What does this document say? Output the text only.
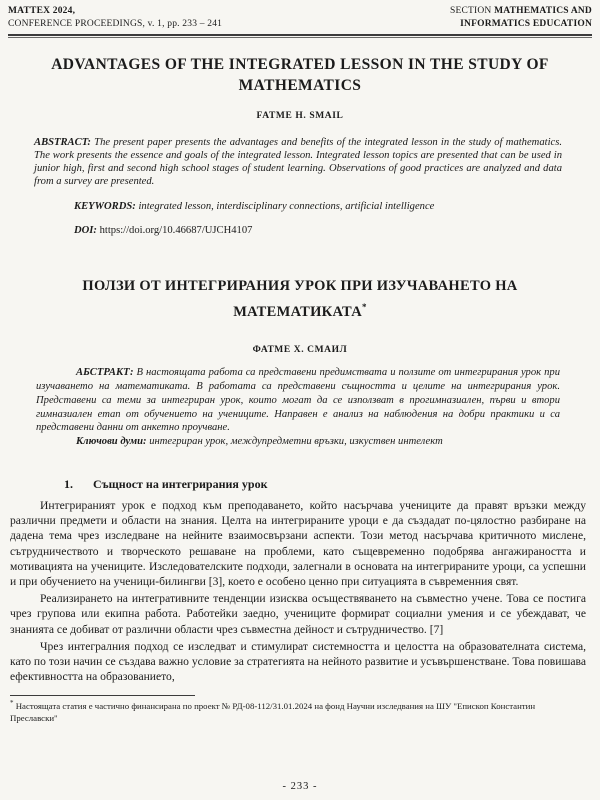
MATTEX 2024,
CONFERENCE PROCEEDINGS, v. 1, pp. 233 – 241
SECTION MATHEMATICS AND
INFORMATICS EDUCATION
ADVANTAGES OF THE INTEGRATED LESSON IN THE STUDY OF MATHEMATICS
FATME H. SMAIL

ABSTRACT: The present paper presents the advantages and benefits of the integrated lesson in the study of mathematics. The work presents the essence and goals of the integrated lesson. Integrated lesson topics are presented that can be used in junior high, first and second high school stages of student learning. Observations of good practices are analyzed and data from a survey are presented.

KEYWORDS: integrated lesson, interdisciplinary connections, artificial intelligence

DOI: https://doi.org/10.46687/UJCH4107

ПОЛЗИ ОТ ИНТЕГРИРАНИЯ УРОК ПРИ ИЗУЧАВАНЕТО НА МАТЕМАТИКАТА*
ФАТМЕ Х. СМАИЛ

АБСТРАКТ: В настоящата работа са представени предимствата и ползите от интегрирания урок при изучаването на математиката. В работата са представени същността и целите на интегрирания урок. Представени са теми за интегриран урок, които могат да се използват в прогимназиален, първи и втори гимназиален етап от обучението на учениците. Направен е анализ на наблюдения на добри практики и са представени данни от анкетно проучване.

Ключови думи: интегриран урок, междупредметни връзки, изкуствен интелект

1. Същност на интегрирания урок

Интегрираният урок е подход към преподаването, който насърчава учениците да правят връзки между различни предмети и области на знания. Целта на интегрираните уроци е да създадат по-цялостно разбиране на дадена тема чрез изследване на нейните взаимосвързани аспекти. Този метод насърчава критичното мислене, сътрудничеството и творческото решаване на проблеми, като същевременно подобрява ангажираността и мотивацията на учениците. Изследователските подходи, залегнали в основата на интегрираните уроци, са успешни и при обучението на ученици-билингви [3], което е особено ценно при ситуацията в съвременния свят.

Реализирането на интегративните тенденции изисква осъществяването на съвместно учене. Това се постига чрез групова или екипна работа. Работейки заедно, учениците формират социални умения и се убеждават, че знанията се добиват от различни области чрез съвместна дейност и сътрудничество. [7]

Чрез интегралния подход се изследват и стимулират системността и целостта на образователната система, като по този начин се създава важно условие за стратегията на нейното развитие и усъвършенстване. Това повишава ефективността на образованието,

* Настоящата статия е частично финансирана по проект № РД-08-112/31.01.2024 на фонд Научни изследвания на ШУ "Епископ Константин Преславски"

- 233 -
